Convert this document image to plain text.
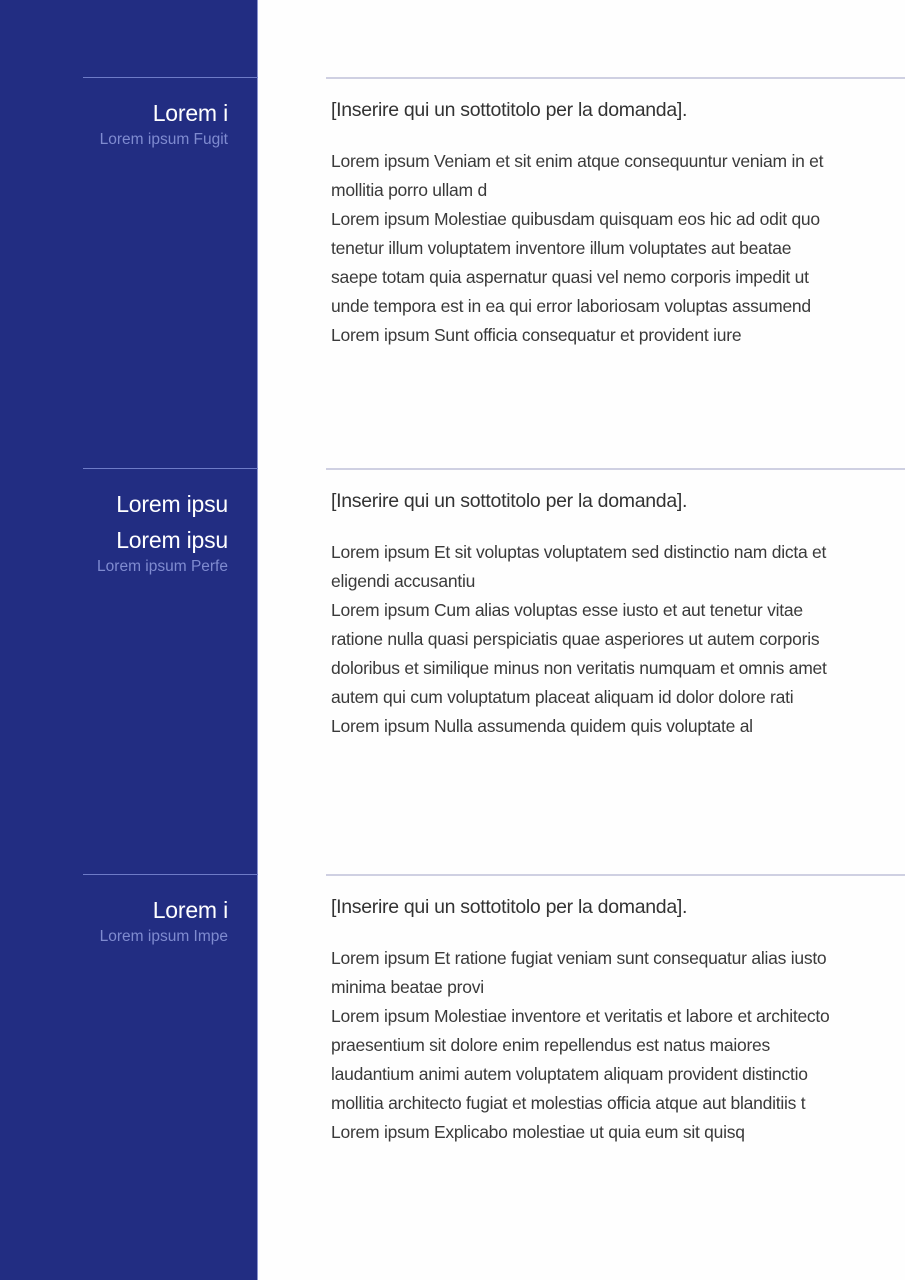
Lorem i
Lorem ipsum Fugit
[Inserire qui un sottotitolo per la domanda].

Lorem ipsum Veniam et sit enim atque consequuntur veniam in et mollitia porro ullam d

Lorem ipsum Molestiae quibusdam quisquam eos hic ad odit quo tenetur illum voluptatem inventore illum voluptates aut beatae saepe totam quia aspernatur quasi vel nemo corporis impedit ut unde tempora est in ea qui error laboriosam voluptas assumend

Lorem ipsum Sunt officia consequatur et provident iure

Lorem ipsu
Lorem ipsu
Lorem ipsum Perfe
[Inserire qui un sottotitolo per la domanda].

Lorem ipsum Et sit voluptas voluptatem sed distinctio nam dicta et eligendi accusantiu

Lorem ipsum Cum alias voluptas esse iusto et aut tenetur vitae ratione nulla quasi perspiciatis quae asperiores ut autem corporis doloribus et similique minus non veritatis numquam et omnis amet autem qui cum voluptatum placeat aliquam id dolor dolore rati

Lorem ipsum Nulla assumenda quidem quis voluptate al

Lorem i
Lorem ipsum Impe
[Inserire qui un sottotitolo per la domanda].

Lorem ipsum Et ratione fugiat veniam sunt consequatur alias iusto minima beatae provi

Lorem ipsum Molestiae inventore et veritatis et labore et architecto praesentium sit dolore enim repellendus est natus maiores laudantium animi autem voluptatem aliquam provident distinctio mollitia architecto fugiat et molestias officia atque aut blanditiis t

Lorem ipsum Explicabo molestiae ut quia eum sit quisq
